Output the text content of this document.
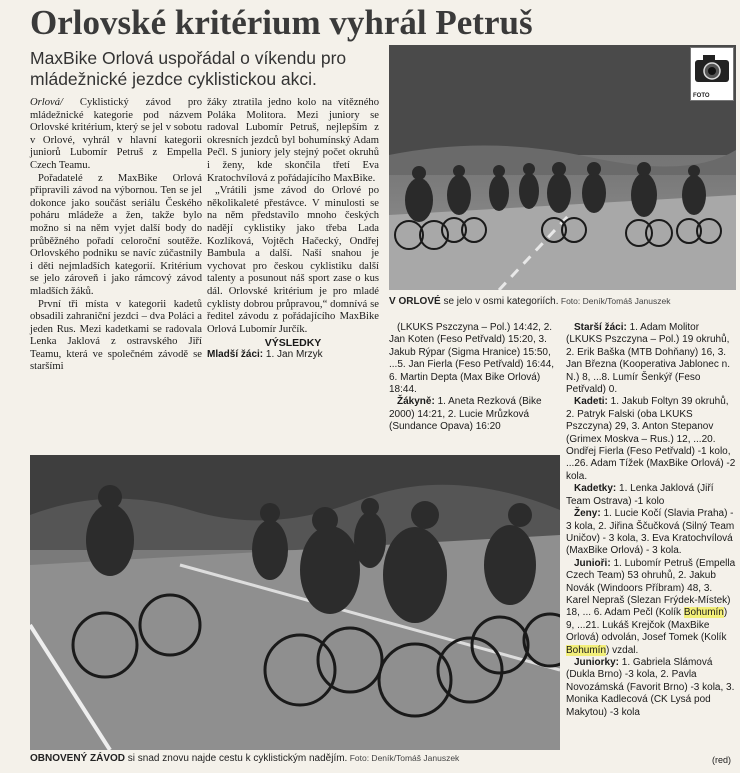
Orlovské kritérium vyhrál Petruš
MaxBike Orlová uspořádal o víkendu pro mládežnické jezdce cyklistickou akci.

Orlová/ Cyklistický závod pro mládežnické kategorie pod názvem Orlovské kritérium, který se jel v sobotu v Orlové, vyhrál v hlavní kategorii juniorů Lubomír Petruš z Empella Czech Teamu.

Pořadatelé z MaxBike Orlová připravili závod na výbornou. Ten se jel dokonce jako součást seriálu Českého poháru mládeže a žen, takže bylo možno si na něm vyjet další body do průběžného pořadí celoroční soutěže. Orlovského podniku se navíc zúčastnily i děti nejmladších kategorií. Kritérium se jelo zároveň i jako rámcový závod mladších žáků.

První tři místa v kategorii kadetů obsadili zahraniční jezdci – dva Poláci a jeden Rus. Mezi kadetkami se radovala Lenka Jaklová z ostravského Jiří Teamu, která ve společném závodě se staršími

žáky ztratila jedno kolo na vítězného Poláka Molitora. Mezi juniory se radoval Lubomír Petruš, nejlepším z okresních jezdců byl bohumínský Adam Pečl. S juniory jely stejný počet okruhů i ženy, kde skončila třetí Eva Kratochvílová z pořádajícího MaxBike.

„Vrátili jsme závod do Orlové po několikaleté přestávce. V minulosti se na něm představilo mnoho českých nadějí cyklistiky jako třeba Lada Kozlíková, Vojtěch Hačecký, Ondřej Bambula a další. Naší snahou je vychovat pro českou cyklistiku další talenty a posunout náš sport zase o kus dál. Orlovské kritérium je pro mladé cyklisty dobrou průpravou,“ domnívá se ředitel závodu z pořádajícího MaxBike Orlová Lubomír Jurčík.

VÝSLEDKY
Mladší žáci: 1. Jan Mrzyk
FOTO
V ORLOVÉ se jelo v osmi kategoriích. Foto: Deník/Tomáš Januszek

(LKUKS Pszczyna – Pol.) 14:42, 2. Jan Koten (Feso Petřvald) 15:20, 3. Jakub Rýpar (Sigma Hranice) 15:50, ...5. Jan Fierla (Feso Petřvald) 16:44, 6. Martin Depta (Max Bike Orlová) 18:44.

Žákyně: 1. Aneta Rezková (Bike 2000) 14:21, 2. Lucie Mrůzková (Sundance Opava) 16:20

Starší žáci: 1. Adam Molitor (LKUKS Pszczyna – Pol.) 19 okruhů, 2. Erik Baška (MTB Dohňany) 16, 3. Jan Března (Kooperativa Jablonec n. N.) 8, ...8. Lumír Šenkýř (Feso Petřvald) 0.

Kadeti: 1. Jakub Foltyn 39 okruhů, 2. Patryk Falski (oba LKUKS Pszczyna) 29, 3. Anton Stepanov (Grimex Moskva – Rus.) 12, ...20. Ondřej Fierla (Feso Petřvald) -1 kolo, ...26. Adam Tížek (MaxBike Orlová) -2 kola.

Kadetky: 1. Lenka Jaklová (Jiří Team Ostrava) -1 kolo

Ženy: 1. Lucie Kočí (Slavia Praha) - 3 kola, 2. Jiřina Ščučková (Silný Team Uničov) - 3 kola, 3. Eva Kratochvílová (MaxBike Orlová) - 3 kola.

Junioři: 1. Lubomír Petruš (Empella Czech Team) 53 ohruhů, 2. Jakub Novák (Windoors Příbram) 48, 3. Karel Nepraš (Slezan Frýdek-Místek) 18, ... 6. Adam Pečl (Kolík Bohumín) 9, ...21. Lukáš Krejčok (MaxBike Orlová) odvolán, Josef Tomek (Kolík Bohumín) vzdal.

Juniorky: 1. Gabriela Slámová (Dukla Brno) -3 kola, 2. Pavla Novozámská (Favorit Brno) -3 kola, 3. Monika Kadlecová (CK Lysá pod Makytou) -3 kola

OBNOVENÝ ZÁVOD si snad znovu najde cestu k cyklistickým nadějím. Foto: Deník/Tomáš Januszek	(red)
